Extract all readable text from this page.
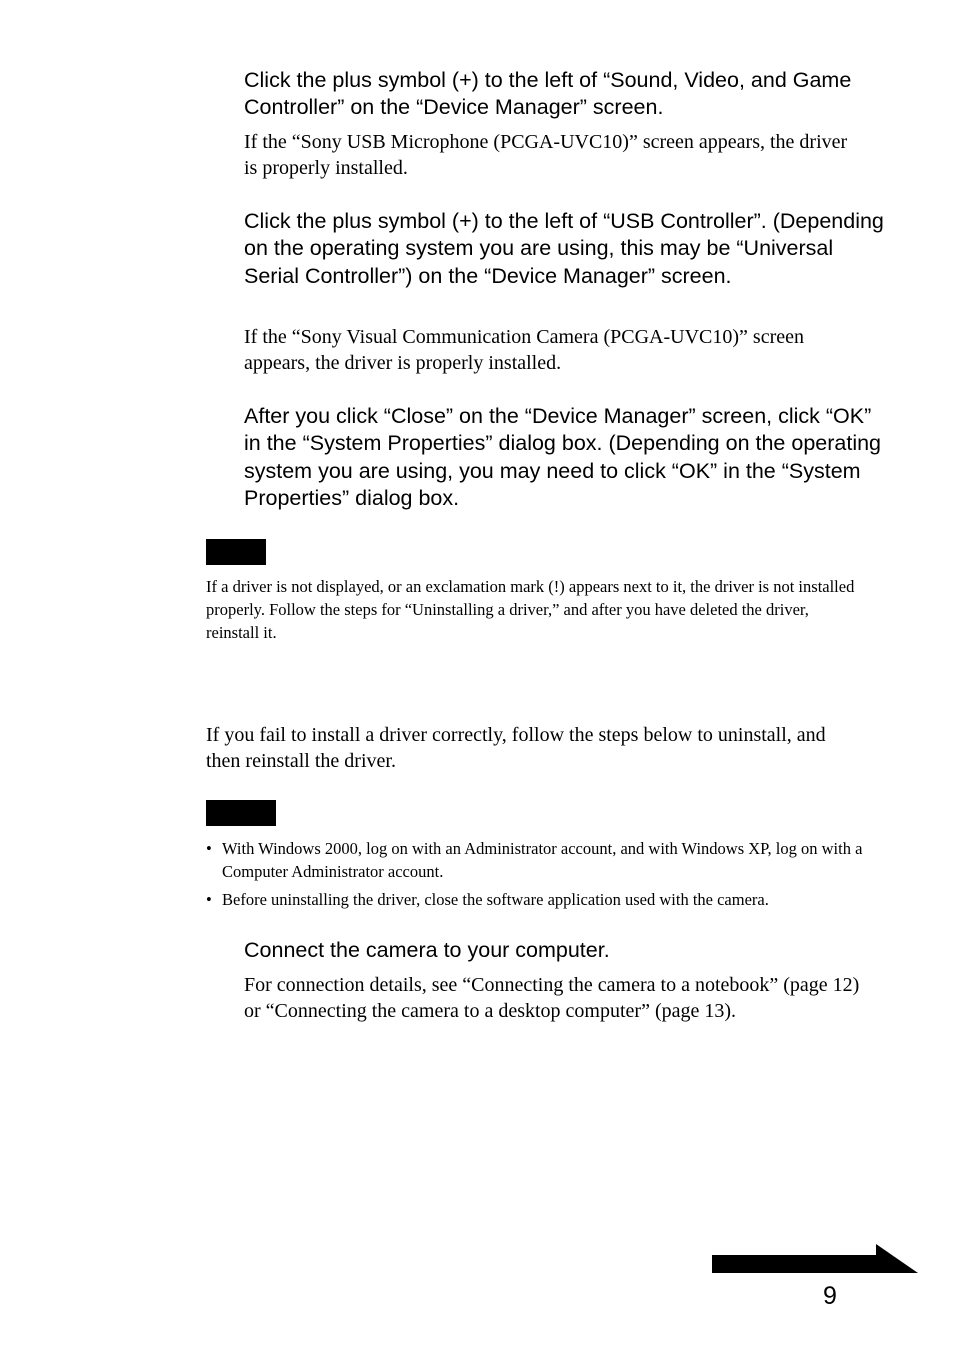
Click the plus symbol (+) to the left of “Sound, Video, and Game Controller” on the “Device Manager” screen.

If the “Sony USB Microphone (PCGA-UVC10)” screen appears, the driver is properly installed.

Click the plus symbol (+) to the left of “USB Controller”. (Depending on the operating system you are using, this may be “Universal Serial Controller”) on the “Device Manager” screen.

If the “Sony Visual Communication Camera (PCGA-UVC10)” screen appears, the driver is properly installed.

After you click “Close” on the “Device Manager” screen, click “OK” in the “System Properties” dialog box. (Depending on the operating system you are using, you may need to click “OK” in the “System Properties” dialog box.

If a driver is not displayed, or an exclamation mark (!) appears next to it, the driver is not installed properly. Follow the steps for “Uninstalling a driver,” and after you have deleted the driver, reinstall it.

If you fail to install a driver correctly, follow the steps below to uninstall, and then reinstall the driver.

• With Windows 2000, log on with an Administrator account, and with Windows XP, log on with a Computer Administrator account.
• Before uninstalling the driver, close the software application used with the camera.

Connect the camera to your computer.

For connection details, see “Connecting the camera to a notebook” (page 12) or “Connecting the camera to a desktop computer” (page 13).

9
